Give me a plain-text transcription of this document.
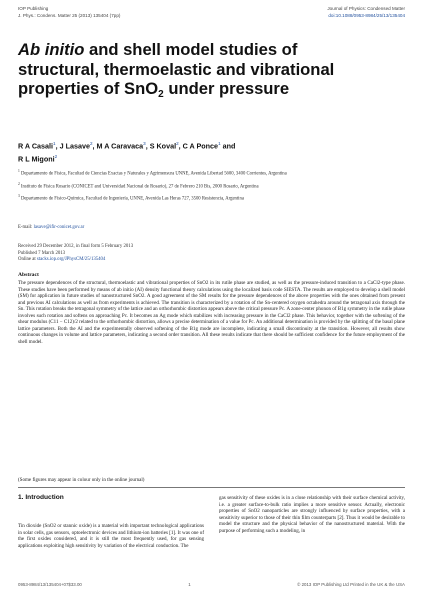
IOP Publishing	Journal of Physics: Condensed Matter
J. Phys.: Condens. Matter 25 (2013) 135404 (7pp)	doi:10.1088/0953-8984/25/13/135404
Ab initio and shell model studies of
structural, thermoelastic and vibrational
properties of SnO$_2$ under pressure
R A Casali$^1$, J Lasave$^2$, M A Caravaca$^3$, S Koval$^2$, C A Ponce$^1$ and
R L Migoni$^2$

$^1$ Departamento de Física, Facultad de Ciencias Exactas y Naturales y Agrimensura UNNE, Avenida Libertad 5600, 3400 Corrientes, Argentina

$^2$ Instituto de Física Rosario (CONICET and Universidad Nacional de Rosario), 27 de Febrero 210 Bis, 2000 Rosario, Argentina

$^3$ Departamento de Físico-Química, Facultad de Ingeniería, UNNE, Avenida Las Heras 727, 3500 Resistencia, Argentina

E-mail: lasave@ifir-conicet.gov.ar
Received 29 December 2012, in final form 5 February 2013
Published 7 March 2013
Online at stacks.iop.org/JPhysCM/25/135404
Abstract

The pressure dependences of the structural, thermoelastic and vibrational properties of SnO2 in its rutile phase are studied, as well as the pressure-induced transition to a CaCl2-type phase. These studies have been performed by means of ab initio (AI) density functional theory calculations using the localized basis code SIESTA. The results are employed to develop a shell model (SM) for application in future studies of nanostructured SnO2. A good agreement of the SM results for the pressure dependences of the above properties with the ones obtained from present and previous AI calculations as well as from experiments is achieved. The transition is characterized by a rotation of the Sn-centered oxygen octahedra around the tetragonal axis through the Sn. This rotation breaks the tetragonal symmetry of the lattice and an orthorhombic distortion appears above the critical pressure Pc. A zone-center phonon of B1g symmetry in the rutile phase involves such rotation and softens on approaching Pc. It becomes an Ag mode which stabilizes with increasing pressure in the CaCl2 phase. This behavior, together with the softening of the shear modulus (C11 − C12)/2 related to the orthorhombic distortion, allows a precise determination of a value for Pc. An additional determination is provided by the splitting of the basal plane lattice parameters. Both the AI and the experimentally observed softening of the B1g mode are incomplete, indicating a small discontinuity at the transition. However, all results show continuous changes in volume and lattice parameters, indicating a second order transition. All these results indicate that there should be sufficient confidence for the future employment of the shell model.

(Some figures may appear in colour only in the online journal)
1. Introduction

Tin dioxide (SnO2 or stannic oxide) is a material with important technological applications in solar cells, gas sensors, optoelectronic devices and lithium-ion batteries [1]. It was one of the first oxides considered, and it is still the most frequently used, for gas sensing applications exploiting high sensitivity by variation of the electrical conduction. The

gas sensitivity of these oxides is in a close relationship with their surface chemical activity, i.e. a greater surface-to-bulk ratio implies a more sensitive sensor. Actually, electronic properties of SnO2 nanoparticles are strongly influenced by surface properties, with a sensitivity superior to those of their thin film counterparts [2]. Thus it would be desirable to model the structure and the physical behavior of the nanostructured material. With the purpose of performing such a modeling, in

0953-8984/13/135404+07$33.00	1	© 2013 IOP Publishing Ltd Printed in the UK & the USA
